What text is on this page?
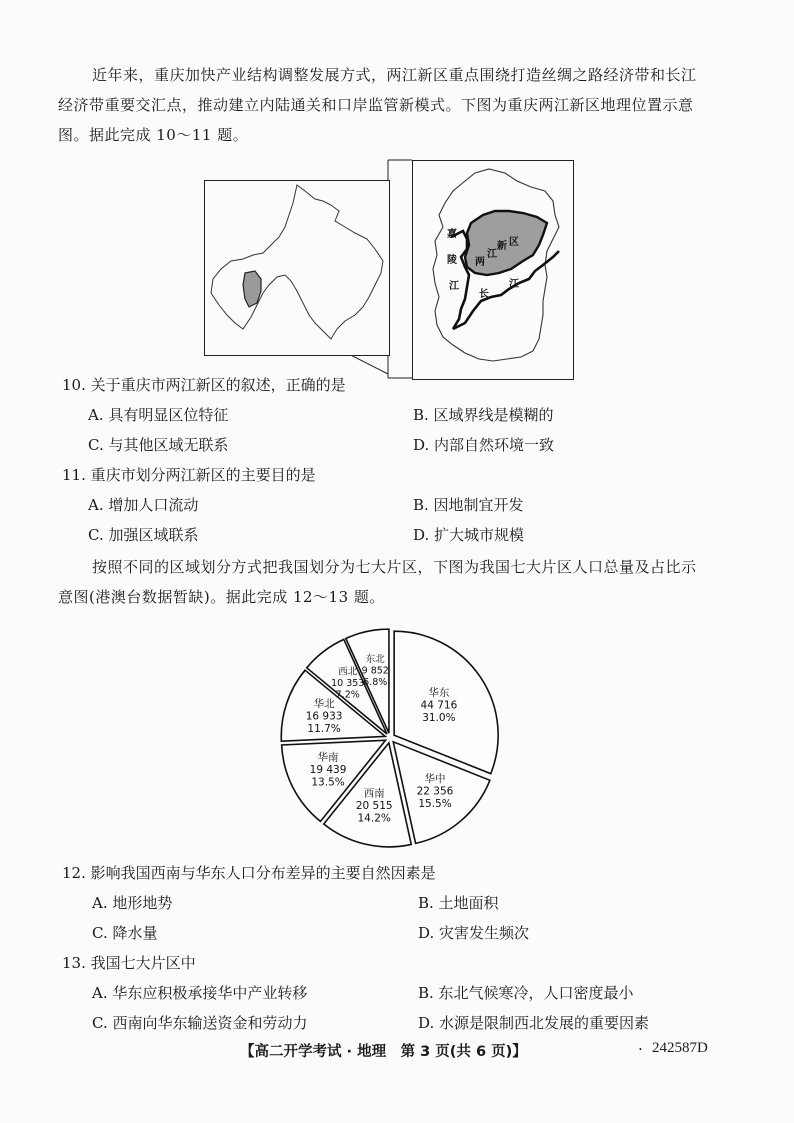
近年来，重庆加快产业结构调整发展方式，两江新区重点围绕打造丝绸之路经济带和长江

经济带重要交汇点，推动建立内陆通关和口岸监管新模式。下图为重庆两江新区地理位置示意

图。据此完成 10～11 题。

嘉
陵
江
两
江
新 区
长
江

10. 关于重庆市两江新区的叙述，正确的是

A. 具有明显区位特征	B. 区域界线是模糊的
C. 与其他区域无联系	D. 内部自然环境一致

11. 重庆市划分两江新区的主要目的是

A. 增加人口流动	B. 因地制宜开发
C. 加强区域联系	D. 扩大城市规模

按照不同的区域划分方式把我国划分为七大片区，下图为我国七大片区人口总量及占比示

意图(港澳台数据暂缺)。据此完成 12～13 题。

华东
44 716
31.0%
华中
22 356
15.5%
西南
20 515
14.2%
华南
19 439
13.5%
华北
16 933
11.7%
西北
10 353
7.2%
东北
9 852
6.8%

12. 影响我国西南与华东人口分布差异的主要自然因素是

A. 地形地势	B. 土地面积
C. 降水量	D. 灾害发生频次

13. 我国七大片区中

A. 华东应积极承接华中产业转移	B. 东北气候寒冷，人口密度最小
C. 西南向华东输送资金和劳动力	D. 水源是限制西北发展的重要因素
【高二开学考试 · 地理　第 3 页(共 6 页)】	· 242587D
